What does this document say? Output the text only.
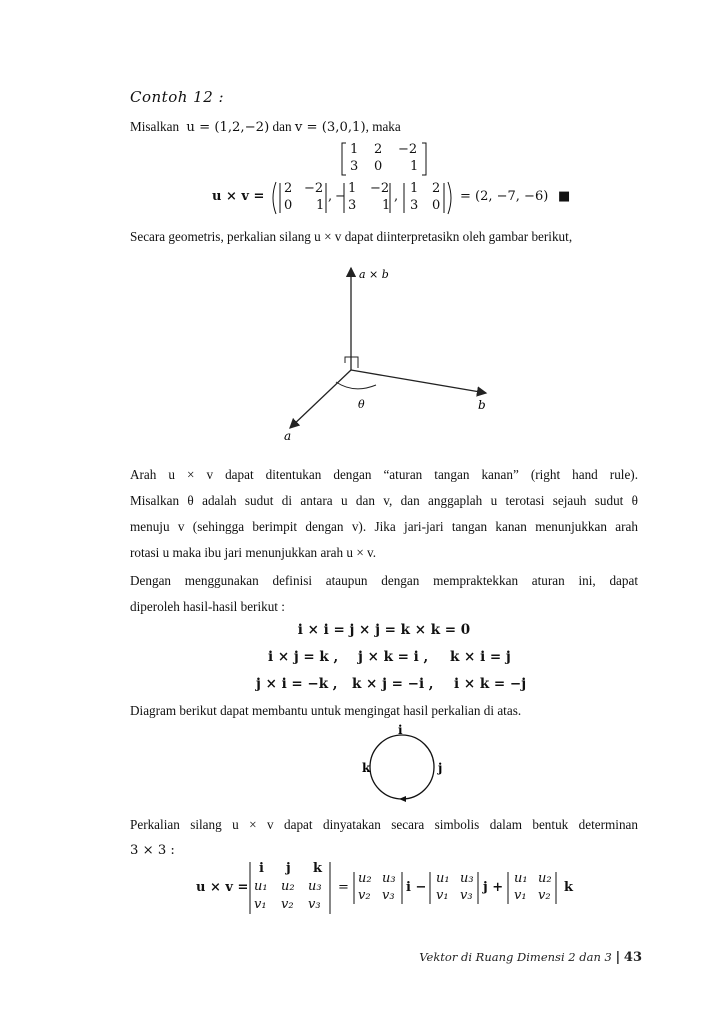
Contoh 12 :
Misalkan u = (1,2,−2) dan v = (3,0,1), maka
1 2 −2
3 0 1
u × v =
2 −2
0 1
, −
1 −2
3 1
,
1 2
3 0
= (2, −7, −6) ■
Secara geometris, perkalian silang u × v dapat diinterpretasikn oleh gambar berikut,
a × b
b
a
θ
Arah u × v dapat ditentukan dengan “aturan tangan kanan” (right hand rule).
Misalkan θ adalah sudut di antara u dan v, dan anggaplah u terotasi sejauh sudut θ
menuju v (sehingga berimpit dengan v). Jika jari-jari tangan kanan menunjukkan arah
rotasi u maka ibu jari menunjukkan arah u × v.
Dengan menggunakan definisi ataupun dengan mempraktekkan aturan ini, dapat
diperoleh hasil-hasil berikut :
i × i = j × j = k × k = 0
i × j = k , j × k = i , k × i = j
j × i = −k , k × j = −i , i × k = −j
Diagram berikut dapat membantu untuk mengingat hasil perkalian di atas.
i
k	j
Perkalian silang u × v dapat dinyatakan secara simbolis dalam bentuk determinan
3 × 3 :
u × v =
i j k
u₁ u₂ u₃
v₁ v₂ v₃
=
u₂ u₃
v₂ v₃
i −
u₁ u₃
v₁ v₃
j +
u₁ u₂
v₁ v₂
k
Vektor di Ruang Dimensi 2 dan 3 | 43
